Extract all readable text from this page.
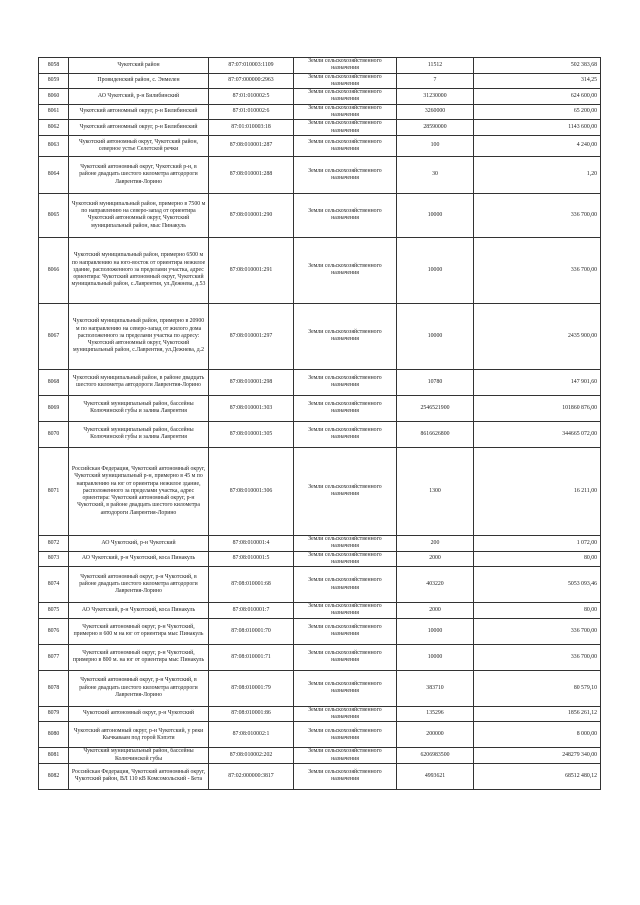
8058	Чукотский район	87:07:010003:1109	Земли сельскохозяйственного назначения	11512	502 383,68
8059	Провиденский район, с. Энмелен	87:07:000000:2963	Земли сельскохозяйственного назначения	7	314,25
8060	АО Чукотский, р-н Билибинский	87:01:010002:5	Земли сельскохозяйственного назначения	31230000	624 600,00
8061	Чукотский автономный округ, р-н Билибинский	87:01:010002:6	Земли сельскохозяйственного назначения	3260000	65 200,00
8062	Чукотский автономный округ, р-н Билибинский	87:01:010003:18	Земли сельскохозяйственного назначения	28590000	1143 600,00
8063	Чукотский автономный округ, Чукотский район, северное устье Селетской речки	87:08:010001:287	Земли сельскохозяйственного назначения	100	4 240,00
8064	Чукотский автономный округ, Чукотский р-н, в районе двадцать шестого километра автодороги Лаврентия-Лорино	87:08:010001:288	Земли сельскохозяйственного назначения	30	1,20
8065	Чукотский муниципальный район, примерно в 7500 м по направлению на северо-запад от ориентира Чукотский автономный округ, Чукотский муниципальный район, мыс Пинакуль	87:08:010001:290	Земли сельскохозяйственного назначения	10000	336 700,00
8066	Чукотский муниципальный район, примерно 6500 м по направлению на юго-восток от ориентира нежилое здание, расположенного за пределами участка, адрес ориентира: Чукотский автономный округ, Чукотский муниципальный район, с.Лаврентия, ул.Дежнева, д.53	87:08:010001:291	Земли сельскохозяйственного назначения	10000	336 700,00
8067	Чукотский муниципальный район, примерно в 20900 м по направлению на северо-запад от жилого дома расположенного за пределами участка по адресу: Чукотский автономный округ, Чукотский муниципальный район, с.Лаврентия, ул.Дежнева, д.2	87:08:010001:297	Земли сельскохозяйственного назначения	10000	2435 900,00
8068	Чукотский муниципальный район, в районе двадцать шестого километра автодороги Лаврентия-Лорино	87:08:010001:298	Земли сельскохозяйственного назначения	10780	147 901,60
8069	Чукотский муниципальный район, бассейны Колючинской губы и залива Лаврентия	87:08:010001:303	Земли сельскохозяйственного назначения	2546521900	101860 876,00
8070	Чукотский муниципальный район, бассейны Колючинской губы и залива Лаврентия	87:08:010001:305	Земли сельскохозяйственного назначения	8616626800	344665 072,00
8071	Российская Федерация, Чукотский автономный округ, Чукотский муниципальный р-н, примерно в 45 м по направлению на юг от ориентира нежилое здание, расположенного за пределами участка, адрес ориентира: Чукотский автономный округ, р-н Чукотский, в районе двадцать шестого километра автодороги Лаврентия-Лорино	87:08:010001:306	Земли сельскохозяйственного назначения	1300	16 211,00
8072	АО Чукотский, р-н Чукотский	87:08:010001:4	Земли сельскохозяйственного назначения	200	1 072,00
8073	АО Чукотский, р-н Чукотский, коса Пинакуль	87:08:010001:5	Земли сельскохозяйственного назначения	2000	80,00
8074	Чукотский автономный округ, р-н Чукотский, в районе двадцать шестого километра автодороги Лаврентия-Лорино	87:08:010001:68	Земли сельскохозяйственного назначения	403220	5053 093,46
8075	АО Чукотский, р-н Чукотский, коса Пинакуль	87:08:010001:7	Земли сельскохозяйственного назначения	2000	80,00
8076	Чукотский автономный округ, р-н Чукотский, примерно в 600 м на юг от ориентира мыс Пинакуль	87:08:010001:70	Земли сельскохозяйственного назначения	10000	336 700,00
8077	Чукотский автономный округ, р-н Чукотский, примерно в 800 м. на юг от ориентира мыс Пинакуль	87:08:010001:71	Земли сельскохозяйственного назначения	10000	336 700,00
8078	Чукотский автономный округ, р-н Чукотский, в районе двадцать шестого километра автодороги Лаврентия-Лорино	87:08:010001:79	Земли сельскохозяйственного назначения	383710	80 579,10
8079	Чукотский автономный округ, р-н Чукотский	87:08:010001:86	Земли сельскохозяйственного назначения	135296	1856 261,12
8080	Чукотский автономный округ, р-н Чукотский, у реки Кычкаваам под горой Кэпэти	87:08:010002:1	Земли сельскохозяйственного назначения	200000	8 000,00
8081	Чукотский муниципальный район, бассейны Колючинской губы	87:08:010002:202	Земли сельскохозяйственного назначения	6206983500	248279 340,00
8082	Российская Федерация, Чукотский автономный округ, Чукотский район, ВЛ 110 кВ Комсомольский - Бета	87:02:000000:3817	Земли сельскохозяйственного назначения	4993621	68512 480,12
